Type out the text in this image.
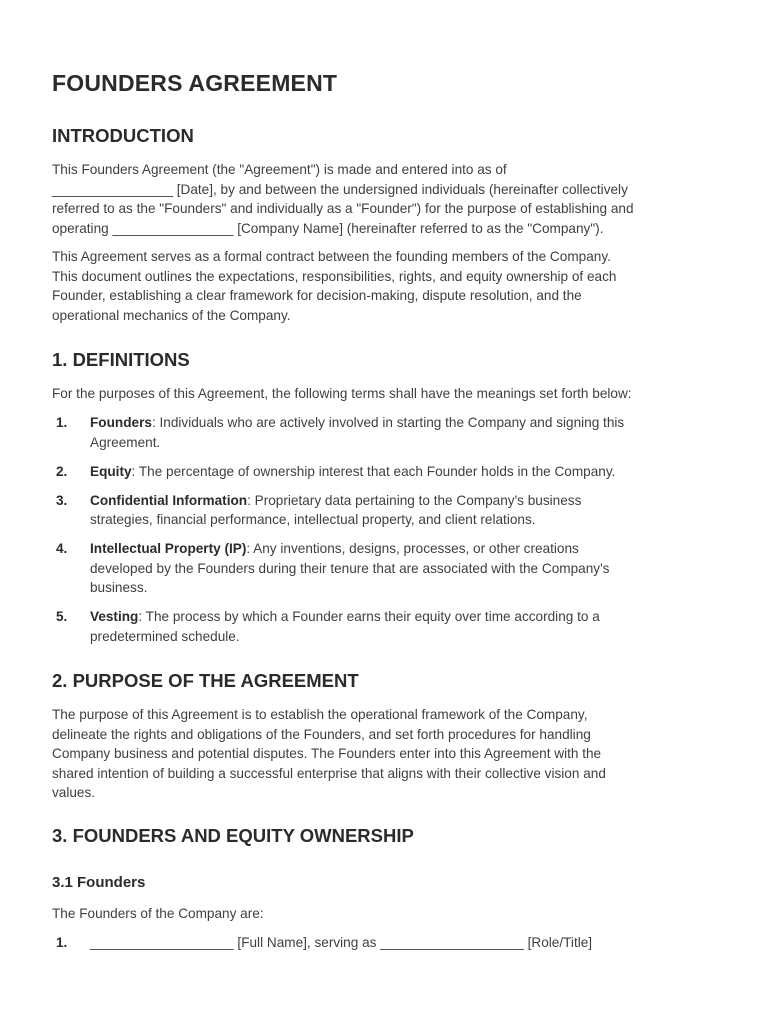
FOUNDERS AGREEMENT
INTRODUCTION

This Founders Agreement (the "Agreement") is made and entered into as of
________________ [Date], by and between the undersigned individuals (hereinafter collectively
referred to as the "Founders" and individually as a "Founder") for the purpose of establishing and
operating ________________ [Company Name] (hereinafter referred to as the "Company").

This Agreement serves as a formal contract between the founding members of the Company.
This document outlines the expectations, responsibilities, rights, and equity ownership of each
Founder, establishing a clear framework for decision-making, dispute resolution, and the
operational mechanics of the Company.

1. DEFINITIONS

For the purposes of this Agreement, the following terms shall have the meanings set forth below:

1. Founders: Individuals who are actively involved in starting the Company and signing this
Agreement.
2. Equity: The percentage of ownership interest that each Founder holds in the Company.
3. Confidential Information: Proprietary data pertaining to the Company's business
strategies, financial performance, intellectual property, and client relations.
4. Intellectual Property (IP): Any inventions, designs, processes, or other creations
developed by the Founders during their tenure that are associated with the Company's
business.
5. Vesting: The process by which a Founder earns their equity over time according to a
predetermined schedule.
2. PURPOSE OF THE AGREEMENT

The purpose of this Agreement is to establish the operational framework of the Company,
delineate the rights and obligations of the Founders, and set forth procedures for handling
Company business and potential disputes. The Founders enter into this Agreement with the
shared intention of building a successful enterprise that aligns with their collective vision and
values.

3. FOUNDERS AND EQUITY OWNERSHIP
3.1 Founders

The Founders of the Company are:

1. ___________________ [Full Name], serving as ___________________ [Role/Title]
